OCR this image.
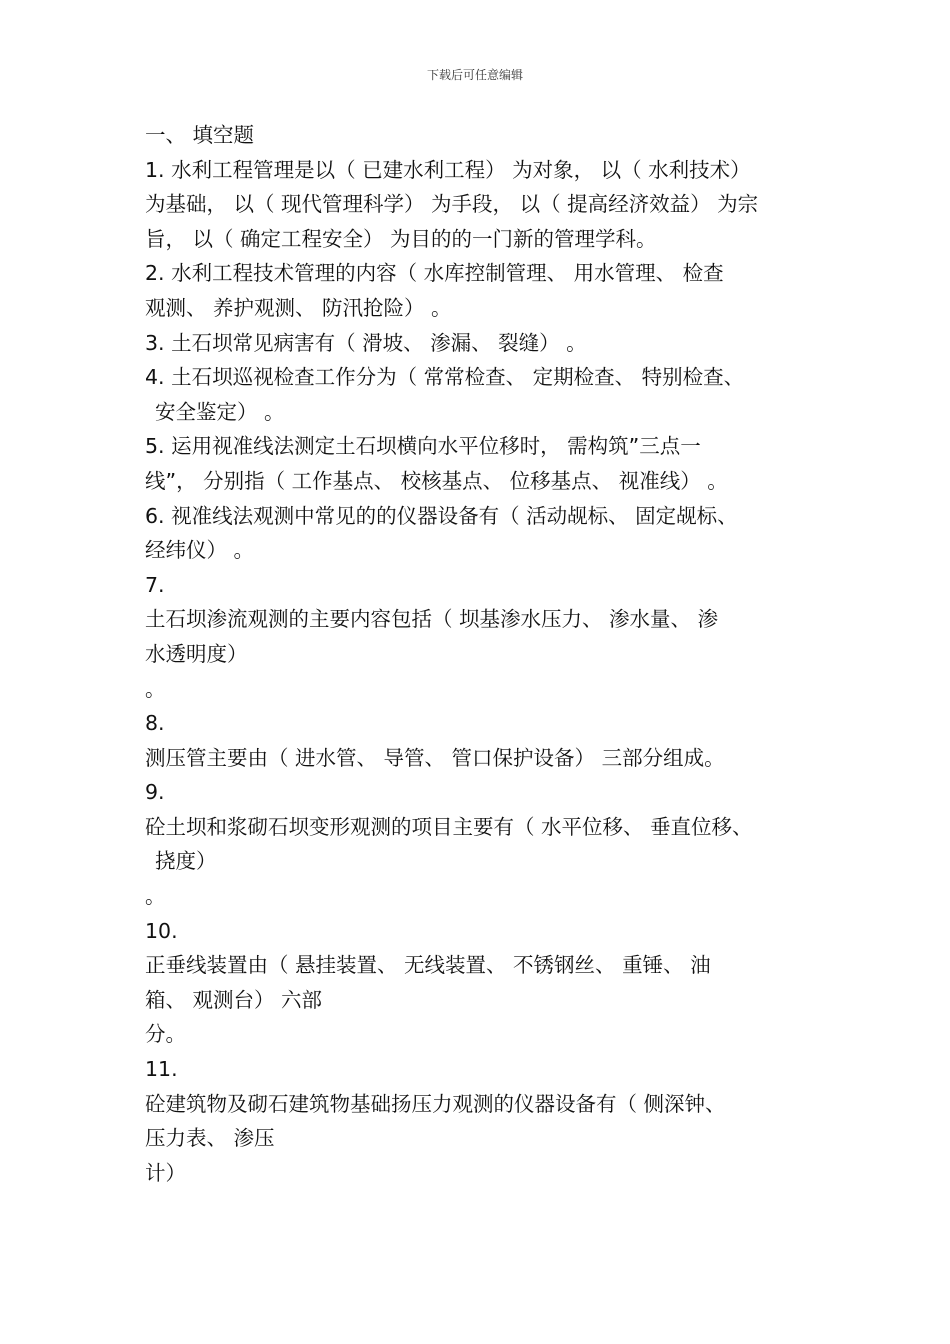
下载后可任意编辑
一、 填空题
1. 水利工程管理是以（ 已建水利工程） 为对象， 以（ 水利技术）
为基础， 以（ 现代管理科学） 为手段， 以（ 提高经济效益） 为宗
旨， 以（ 确定工程安全） 为目的的一门新的管理学科。
2. 水利工程技术管理的内容（ 水库控制管理、 用水管理、 检查
观测、 养护观测、 防汛抢险） 。
3. 土石坝常见病害有（ 滑坡、 渗漏、 裂缝） 。
4. 土石坝巡视检查工作分为（ 常常检查、 定期检查、 特别检查、
安全鉴定） 。
5. 运用视准线法测定土石坝横向水平位移时， 需构筑”三点一
线”， 分别指（ 工作基点、 校核基点、 位移基点、 视准线） 。
6. 视准线法观测中常见的的仪器设备有（ 活动觇标、 固定觇标、
经纬仪） 。
7.
土石坝渗流观测的主要内容包括（ 坝基渗水压力、 渗水量、 渗
水透明度）
。
8.
测压管主要由（ 进水管、 导管、 管口保护设备） 三部分组成。
9.
砼土坝和浆砌石坝变形观测的项目主要有（ 水平位移、 垂直位移、
挠度）
。
10.
正垂线装置由（ 悬挂装置、 无线装置、 不锈钢丝、 重锤、 油
箱、 观测台） 六部
分。
11.
砼建筑物及砌石建筑物基础扬压力观测的仪器设备有（ 侧深钟、
压力表、 渗压
计）
